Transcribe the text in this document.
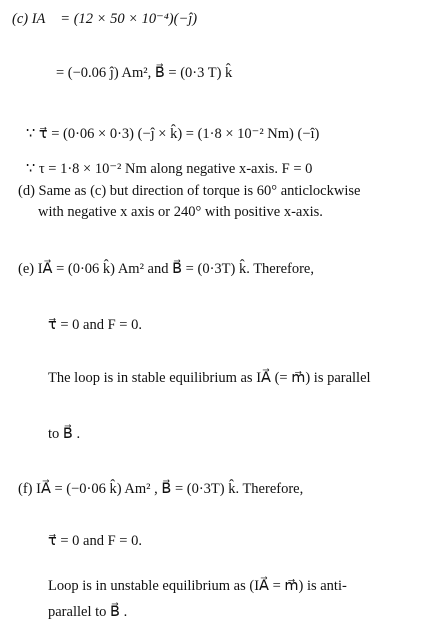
(c) IA⃗ = (12 × 50 × 10⁻⁴)(−ĵ)
= (−0.06 ĵ) Am², B⃗ = (0·3 T) k̂
∵ τ⃗ = (0·06 × 0·3) (−ĵ × k̂) = (1·8 × 10⁻² Nm) (−î)
∵ τ = 1·8 × 10⁻² Nm along negative x-axis. F = 0
(d) Same as (c) but direction of torque is 60° anticlockwise
with negative x axis or 240° with positive x-axis.
(e) IA⃗ = (0·06 k̂) Am² and B⃗ = (0·3T) k̂. Therefore,
τ⃗ = 0 and F = 0.
The loop is in stable equilibrium as IA⃗ (= m⃗) is parallel
to B⃗ .
(f) IA⃗ = (−0·06 k̂) Am² , B⃗ = (0·3T) k̂. Therefore,
τ⃗ = 0 and F = 0.
Loop is in unstable equilibrium as (IA⃗ = m⃗) is anti-
parallel to B⃗ .
